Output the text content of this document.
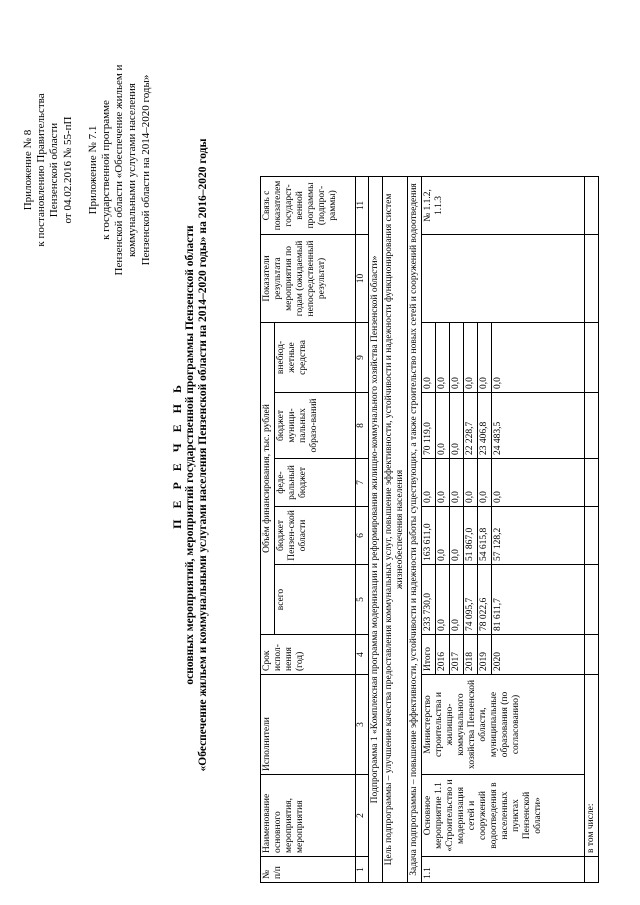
Приложение № 8 к постановлению Правительства Пензенской области от 04.02.2016 № 55-пП Приложение № 7.1 к государственной программе Пензенской области «Обеспечение жильем и коммунальными услугами населения Пензенской области на 2014–2020 годы»
П Е Р Е Ч Е Н Ь основных мероприятий, мероприятий государственной программы Пензенской области «Обеспечение жильем и коммунальными услугами населения Пензенской области на 2014–2020 годы» на 2016–2020 годы
№ п/п	Наименование основного мероприятия, мероприятия	Исполнители	Срок испол-нения (год)	Объём финансирования, тыс. рублей					Показатели результата мероприятия по годам (ожидаемый непосредственный результат)	Связь с показателем государст-венной программы (подпрог-раммы)		
				всего	бюджет Пензен-ской области	феде-ральный бюджет	бюджет муници-пальных образо-ваний	внебюд-жетные средства				
1	2	3	4	5	6	7	8	9	10	11		
Подпрограмма 1 «Комплексная программа модернизации и реформирования жилищно-коммунального хозяйства Пензенской области»												
Цель подпрограммы – улучшение качества предоставления коммунальных услуг, повышение эффективности, устойчивости и надежности функционирования систем жизнеобеспечения населения												
Задача подпрограммы – повышение эффективности, устойчивости и надежности работы существующих, а также строительство новых сетей и сооружений водоотведения												
1.1	Основное мероприятие 1.1 «Строительство и модернизация сетей и сооружений водоотведения в населенных пунктах Пензенской области»	Министерство строительства и жилищно-коммунального хозяйства Пензенской области, муниципальные образования (по согласованию)	Итого	233 730,0	163 611,0	0,0	70 119,0	0,0		№ 1.1.2, 1.1.3		
			2016	0,0	0,0	0,0	0,0	0,0				
			2017	0,0	0,0	0,0	0,0	0,0				
			2018	74 095,7	51 867,0	0,0	22 228,7	0,0				
			2019	78 022,6	54 615,8	0,0	23 406,8	0,0				
			2020	81 611,7	57 128,2	0,0	24 483,5	0,0				
	в том числе:											
